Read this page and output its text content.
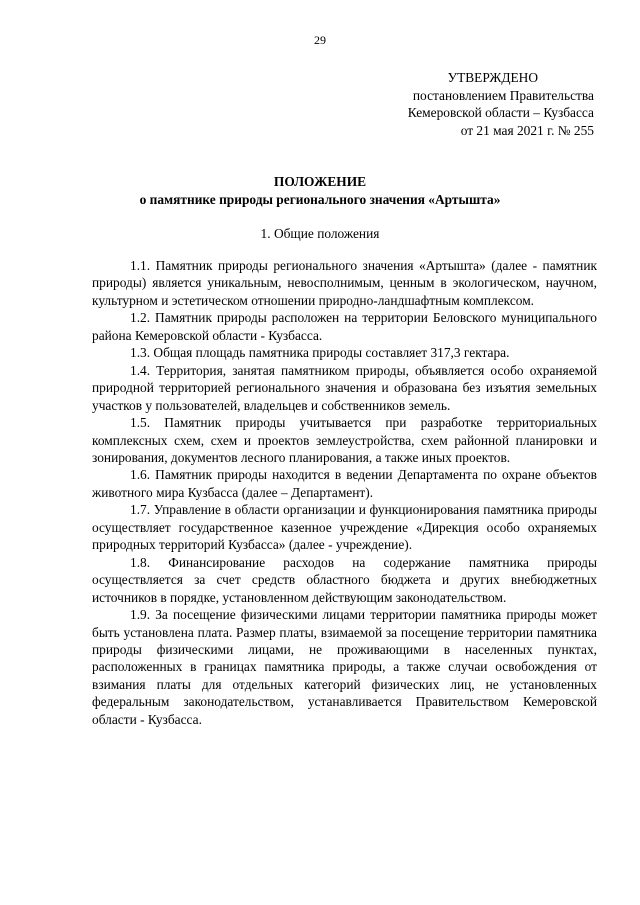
29
УТВЕРЖДЕНО
постановлением Правительства
Кемеровской области – Кузбасса
от 21 мая 2021 г. № 255
ПОЛОЖЕНИЕ
о памятнике природы регионального значения «Артышта»
1. Общие положения

1.1. Памятник природы регионального значения «Артышта» (далее - памятник природы) является уникальным, невосполнимым, ценным в экологическом, научном, культурном и эстетическом отношении природно-ландшафтным комплексом.

1.2. Памятник природы расположен на территории Беловского муниципального района Кемеровской области - Кузбасса.

1.3. Общая площадь памятника природы составляет 317,3 гектара.

1.4. Территория, занятая памятником природы, объявляется особо охраняемой природной территорией регионального значения и образована без изъятия земельных участков у пользователей, владельцев и собственников земель.

1.5. Памятник природы учитывается при разработке территориальных комплексных схем, схем и проектов землеустройства, схем районной планировки и зонирования, документов лесного планирования, а также иных проектов.

1.6. Памятник природы находится в ведении Департамента по охране объектов животного мира Кузбасса (далее – Департамент).

1.7. Управление в области организации и функционирования памятника природы осуществляет государственное казенное учреждение «Дирекция особо охраняемых природных территорий Кузбасса» (далее - учреждение).

1.8. Финансирование расходов на содержание памятника природы осуществляется за счет средств областного бюджета и других внебюджетных источников в порядке, установленном действующим законодательством.

1.9. За посещение физическими лицами территории памятника природы может быть установлена плата. Размер платы, взимаемой за посещение территории памятника природы физическими лицами, не проживающими в населенных пунктах, расположенных в границах памятника природы, а также случаи освобождения от взимания платы для отдельных категорий физических лиц, не установленных федеральным законодательством, устанавливается Правительством Кемеровской области - Кузбасса.
